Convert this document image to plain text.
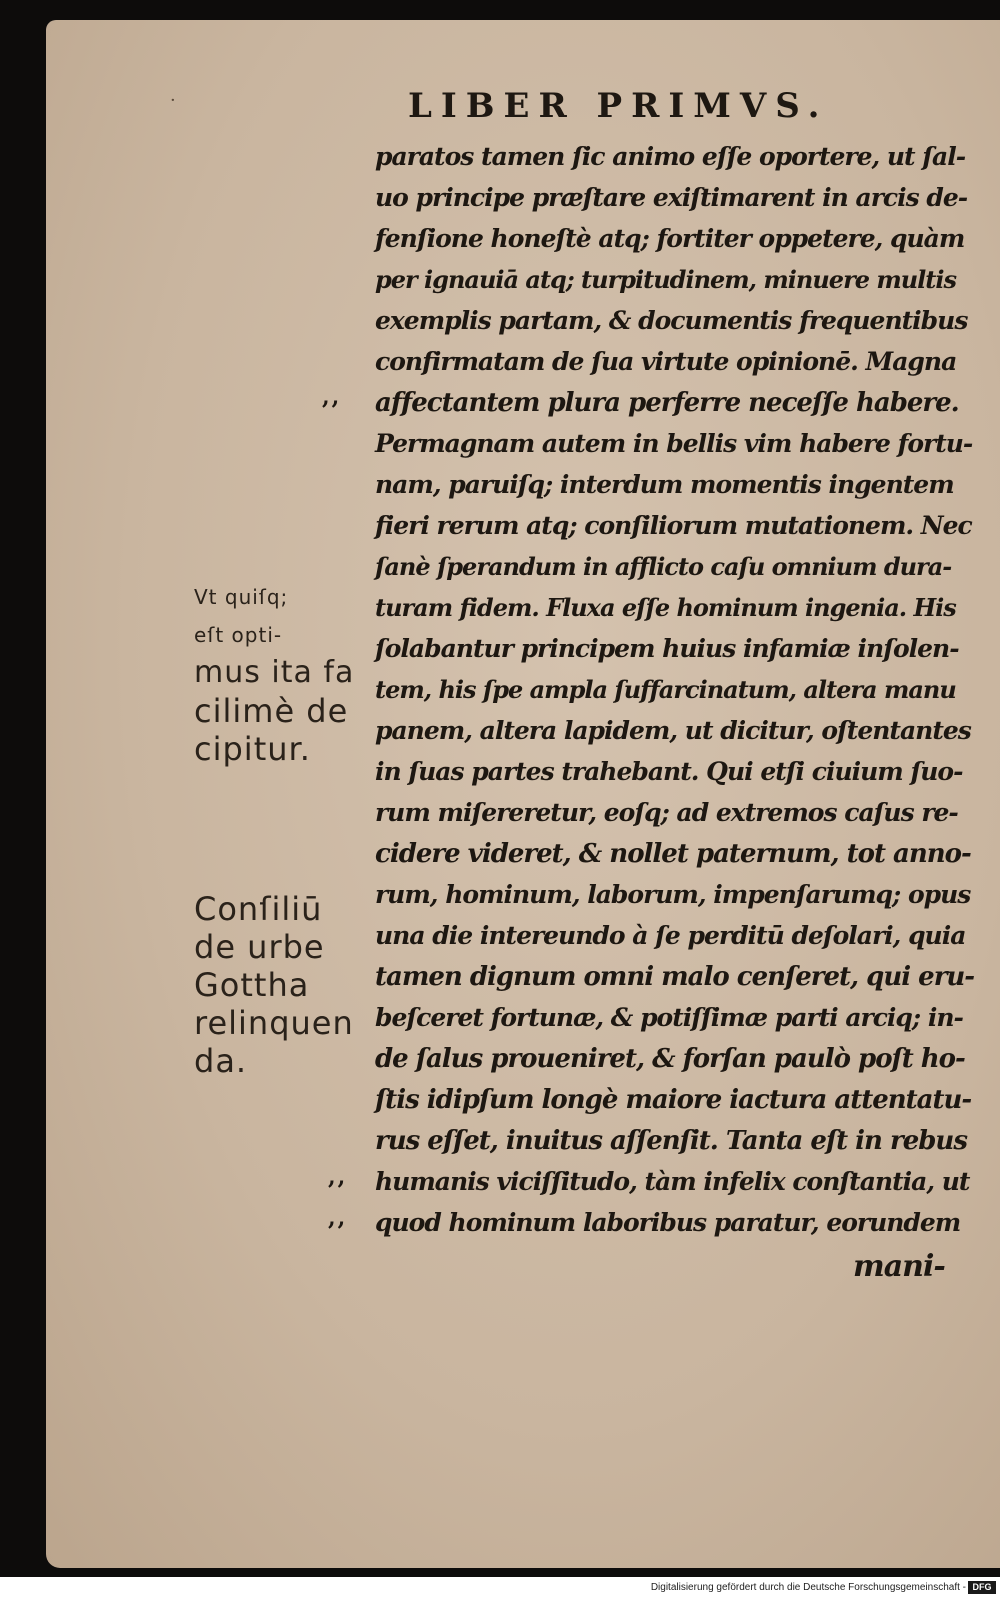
·	LIBER PRIMVS.
paratos tamen ſic animo eſſe oportere, ut ſal-
uo principe præſtare exiſtimarent in arcis de-
fenſione honeſtè atq; fortiter oppetere, quàm
per ignauiā atq; turpitudinem, minuere multis
exemplis partam, & documentis frequentibus
confirmatam de ſua virtute opinionē. Magna
affectantem plura perferre neceſſe habere.
Permagnam autem in bellis vim habere fortu-
nam, paruiſq; interdum momentis ingentem
fieri rerum atq; conſiliorum mutationem. Nec
ſanè ſperandum in afflicto caſu omnium dura-
turam fidem. Fluxa eſſe hominum ingenia. His
ſolabantur principem huius infamiæ inſolen-
tem, his ſpe ampla ſuffarcinatum, altera manu
panem, altera lapidem, ut dicitur, oſtentantes
in ſuas partes trahebant. Qui etſi ciuium ſuo-
rum miſereretur, eoſq; ad extremos caſus re-
cidere videret, & nollet paternum, tot anno-
rum, hominum, laborum, impenſarumq; opus
una die intereundo à ſe perditū deſolari, quia
tamen dignum omni malo cenſeret, qui eru-
beſceret fortunæ, & potiſſimæ parti arciq; in-
de ſalus proueniret, & forſan paulò poſt ho-
ſtis idipſum longè maiore iactura attentatu-
rus eſſet, inuitus aſſenſit. Tanta eſt in rebus
humanis viciſſitudo, tàm infelix conſtantia, ut
quod hominum laboribus paratur, eorundem
mani-
,,
,,
,,
Vt quiſq;
eſt opti-
mus ita fa
cilimè de
cipitur.
Conſiliū
de urbe
Gottha
relinquen
da.
Digitalisierung gefördert durch die Deutsche Forschungsgemeinschaft - DFG
